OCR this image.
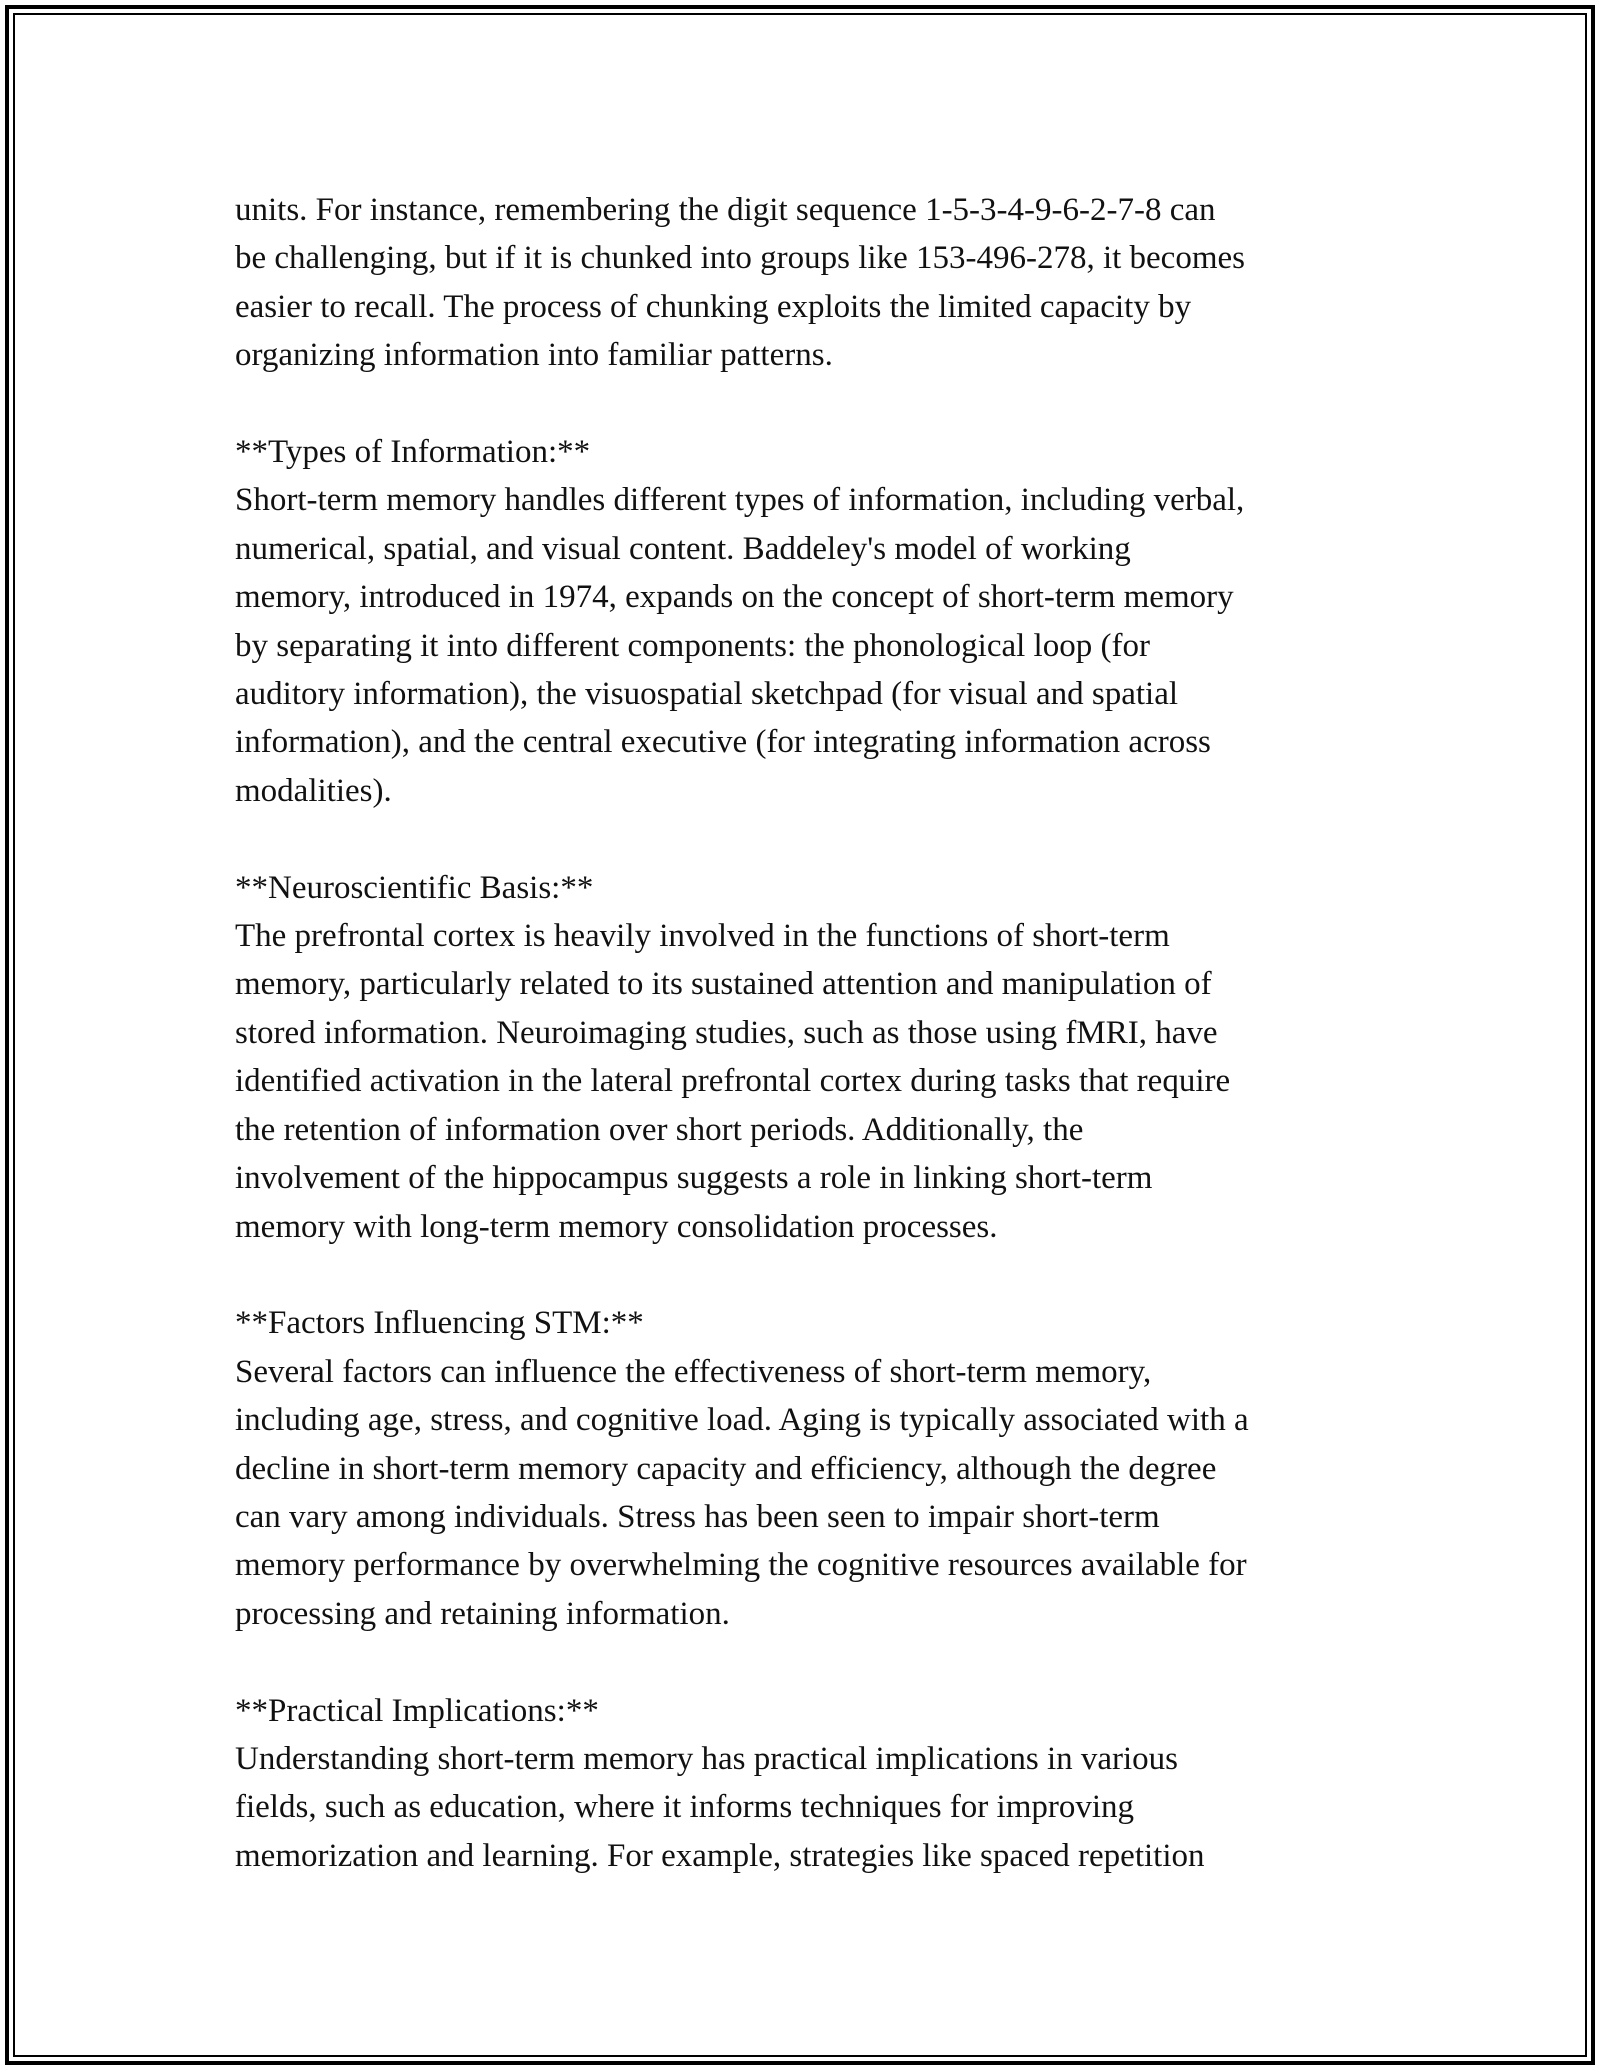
units. For instance, remembering the digit sequence 1-5-3-4-9-6-2-7-8 can
be challenging, but if it is chunked into groups like 153-496-278, it becomes
easier to recall. The process of chunking exploits the limited capacity by
organizing information into familiar patterns.
**Types of Information:**
Short-term memory handles different types of information, including verbal,
numerical, spatial, and visual content. Baddeley's model of working
memory, introduced in 1974, expands on the concept of short-term memory
by separating it into different components: the phonological loop (for
auditory information), the visuospatial sketchpad (for visual and spatial
information), and the central executive (for integrating information across
modalities).
**Neuroscientific Basis:**
The prefrontal cortex is heavily involved in the functions of short-term
memory, particularly related to its sustained attention and manipulation of
stored information. Neuroimaging studies, such as those using fMRI, have
identified activation in the lateral prefrontal cortex during tasks that require
the retention of information over short periods. Additionally, the
involvement of the hippocampus suggests a role in linking short-term
memory with long-term memory consolidation processes.
**Factors Influencing STM:**
Several factors can influence the effectiveness of short-term memory,
including age, stress, and cognitive load. Aging is typically associated with a
decline in short-term memory capacity and efficiency, although the degree
can vary among individuals. Stress has been seen to impair short-term
memory performance by overwhelming the cognitive resources available for
processing and retaining information.
**Practical Implications:**
Understanding short-term memory has practical implications in various
fields, such as education, where it informs techniques for improving
memorization and learning. For example, strategies like spaced repetition
